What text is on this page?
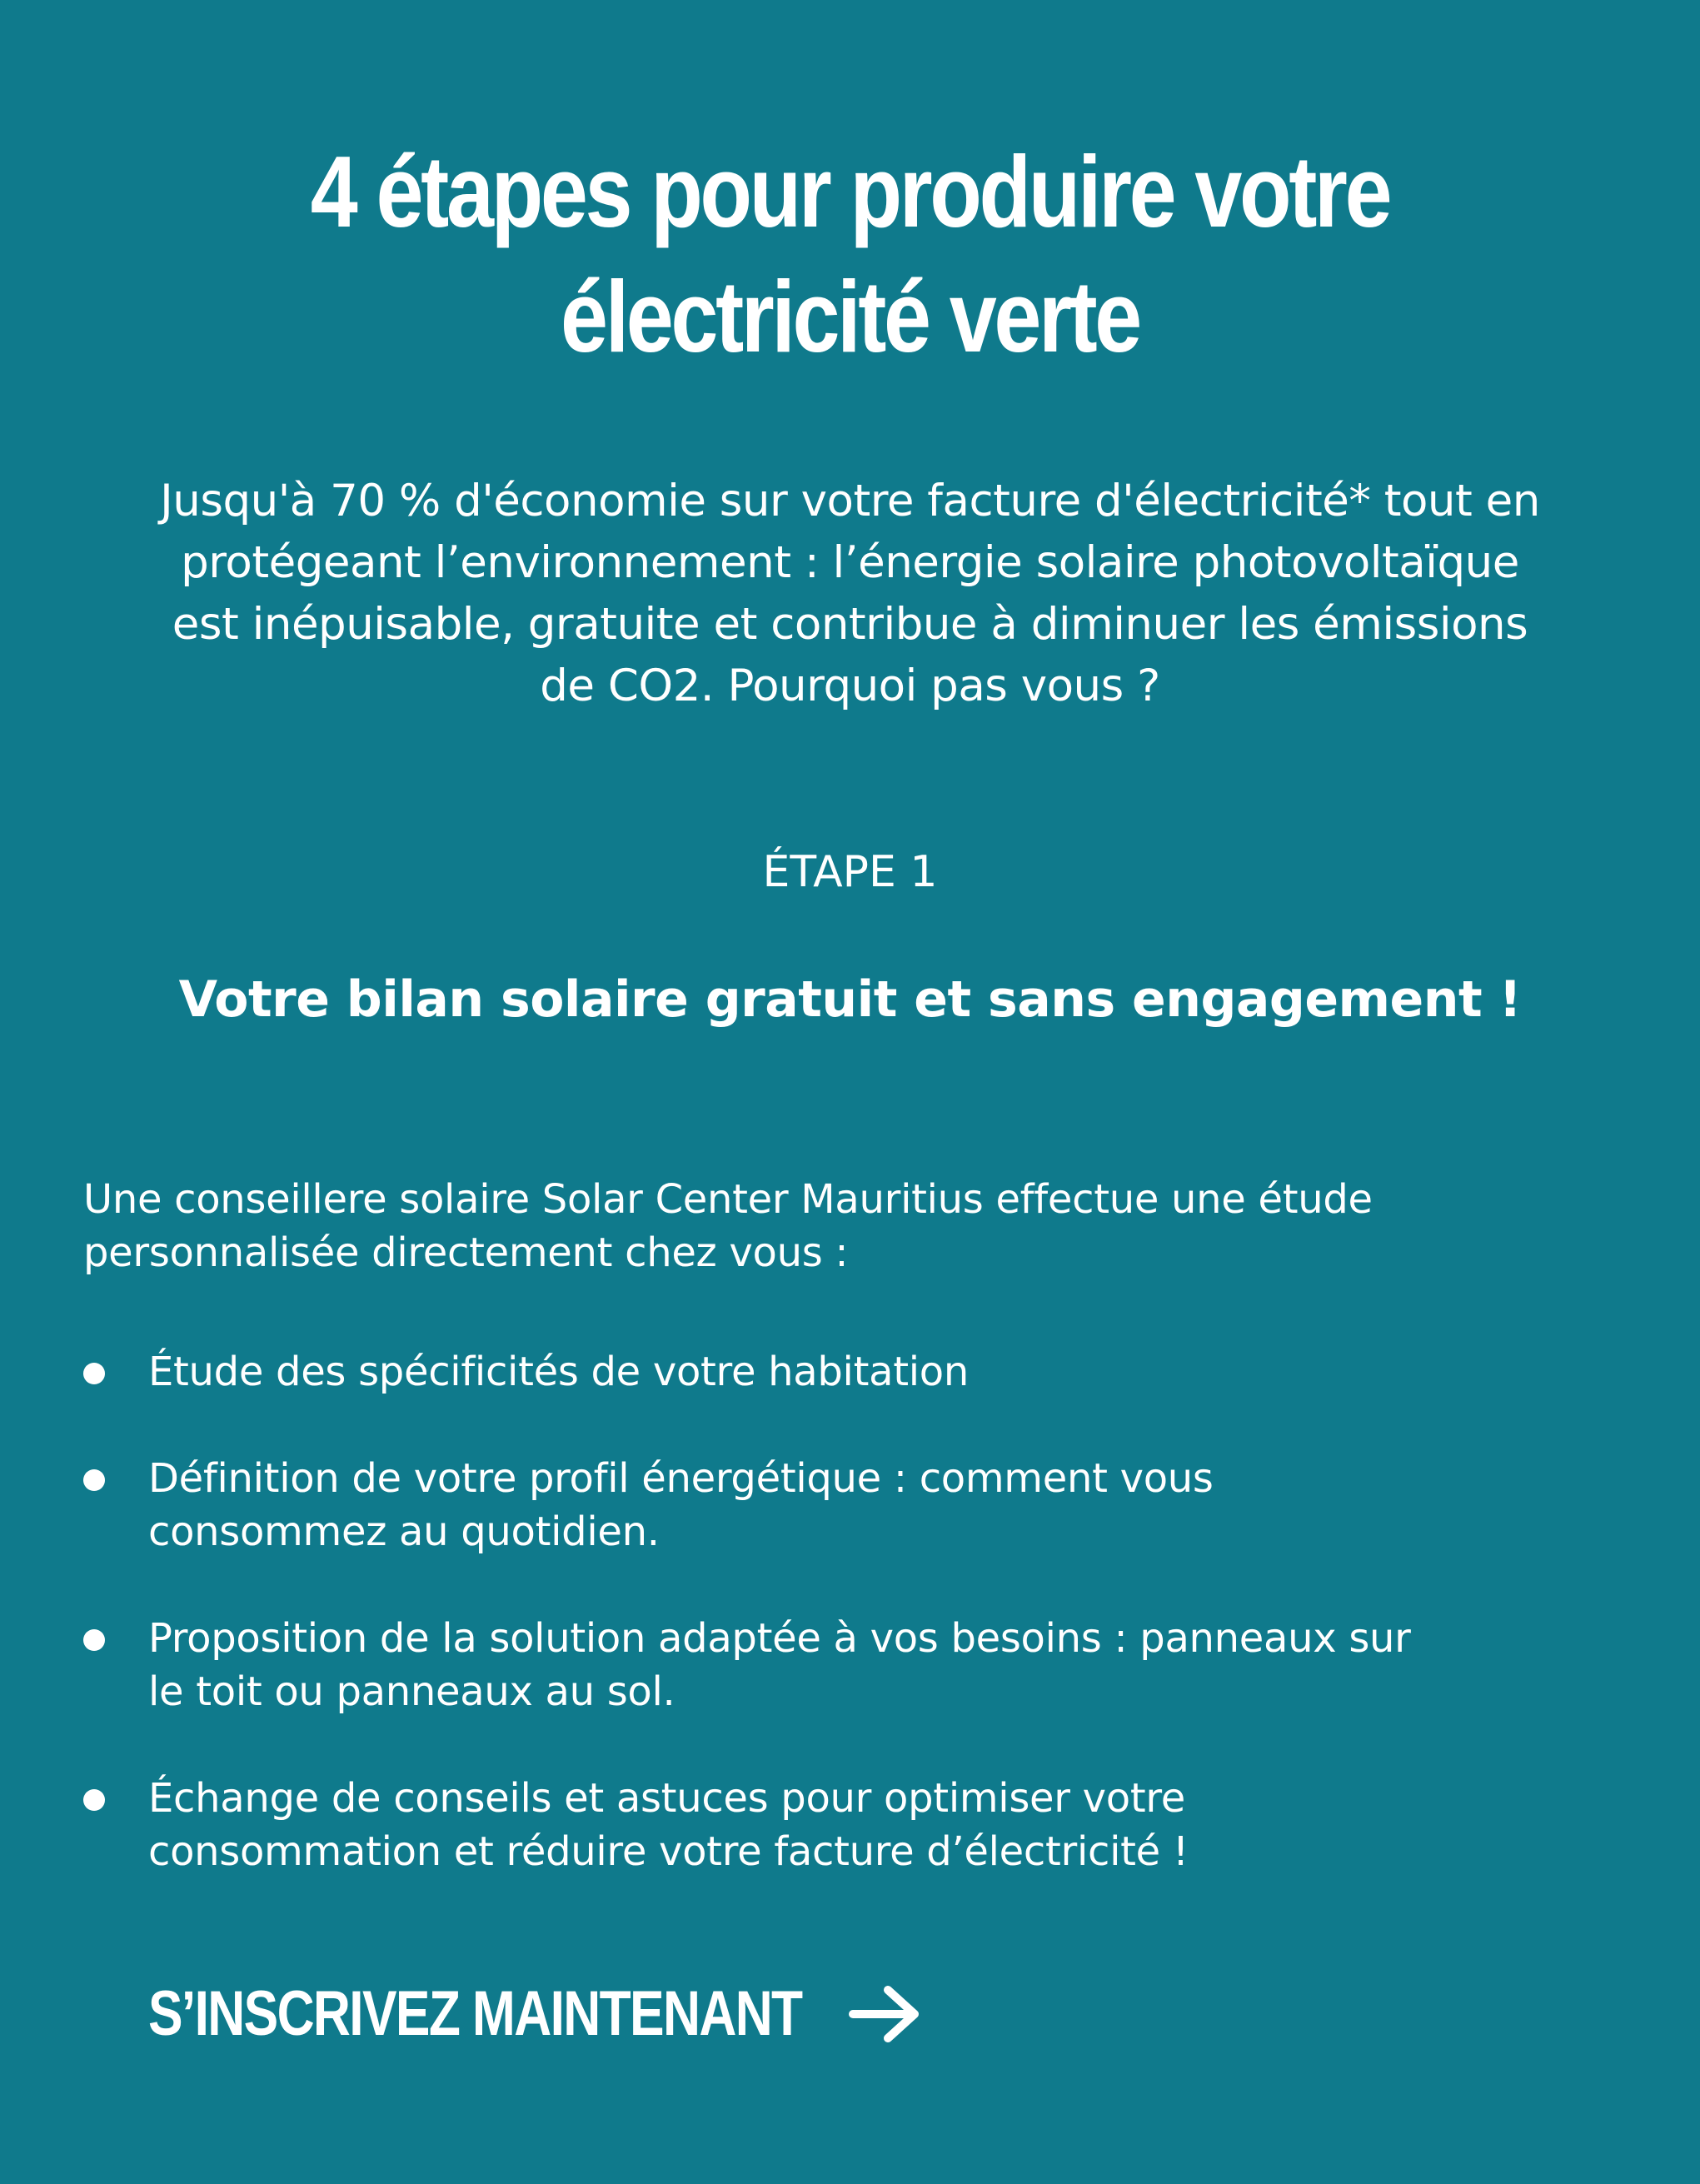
4 étapes pour produire votre
électricité verte

Jusqu'à 70 % d'économie sur votre facture d'électricité* tout en
protégeant l’environnement : l’énergie solaire photovoltaïque
est inépuisable, gratuite et contribue à diminuer les émissions
de CO2. Pourquoi pas vous ?

ÉTAPE 1
Votre bilan solaire gratuit et sans engagement !

Une conseillere solaire Solar Center Mauritius effectue une étude
personnalisée directement chez vous :

Étude des spécificités de votre habitation
Définition de votre profil énergétique : comment vous
consommez au quotidien.
Proposition de la solution adaptée à vos besoins : panneaux sur
le toit ou panneaux au sol.
Échange de conseils et astuces pour optimiser votre
consommation et réduire votre facture d’électricité !
S’INSCRIVEZ MAINTENANT
